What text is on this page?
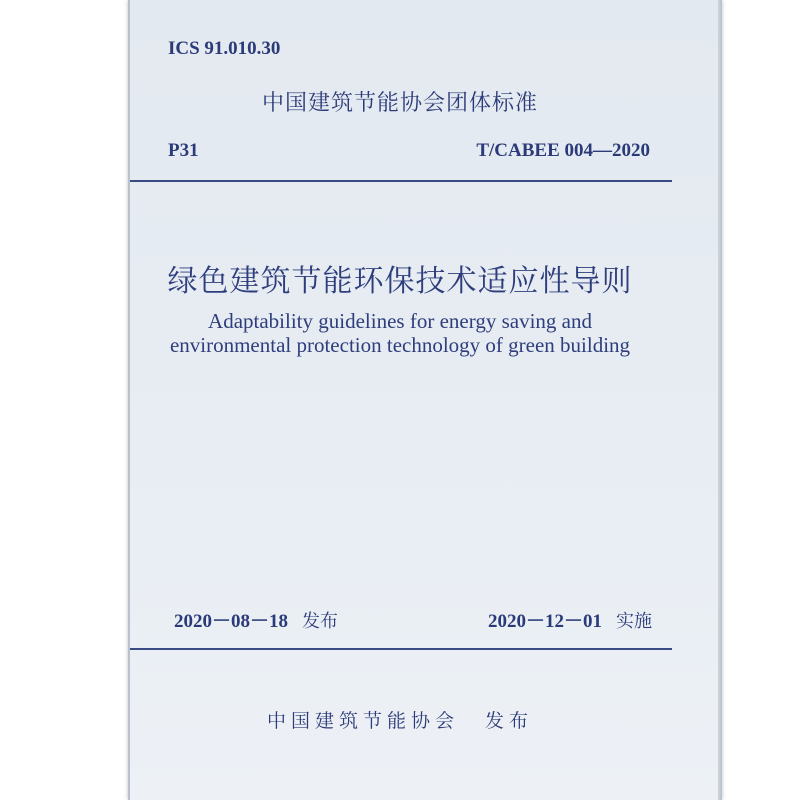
ICS 91.010.30
中国建筑节能协会团体标准
P31	T/CABEE 004—2020
绿色建筑节能环保技术适应性导则
Adaptability guidelines for energy saving and
environmental protection technology of green building
2020－08－18 发布	2020－12－01 实施
中国建筑节能协会 发布
